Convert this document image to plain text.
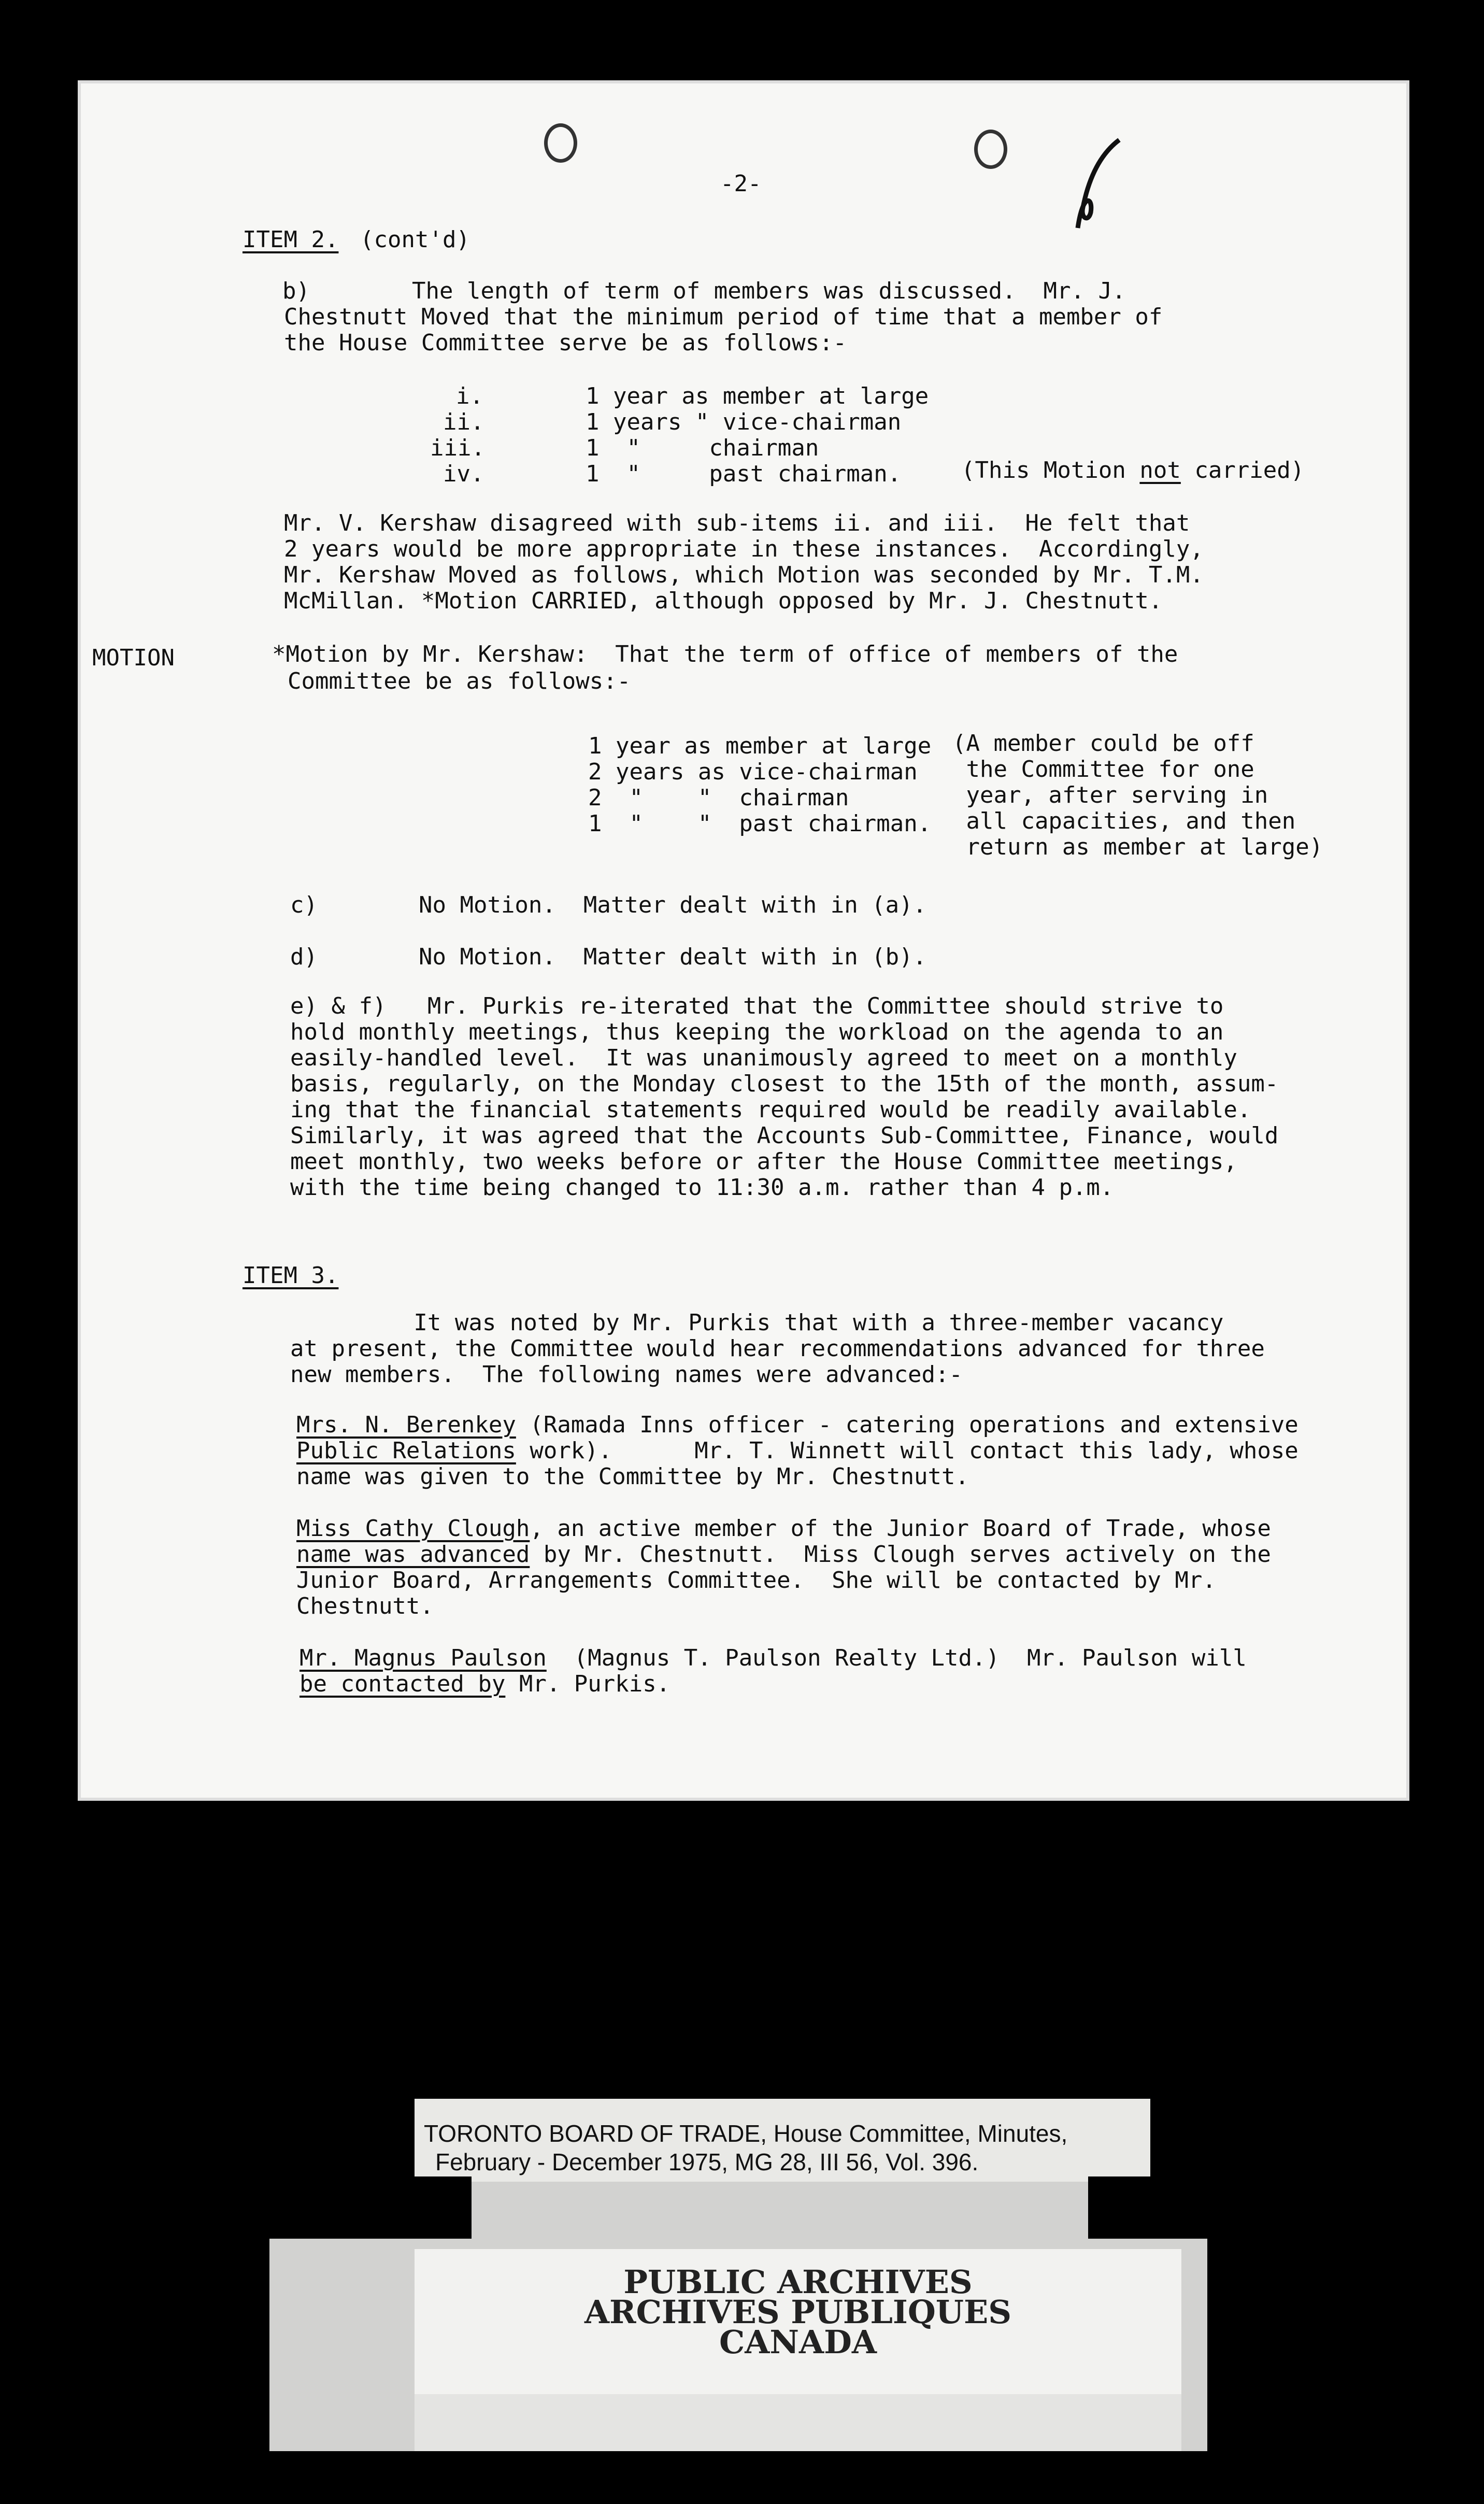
-2-
ITEM 2. (cont'd)
b)	The length of term of members was discussed.  Mr. J.
Chestnutt Moved that the minimum period of time that a member of
the House Committee serve be as follows:-
i.	1 year as member at large
ii.	1 years " vice-chairman
iii.	1  "     chairman
iv.	1  "     past chairman.	(This Motion not carried)
Mr. V. Kershaw disagreed with sub-items ii. and iii.  He felt that
2 years would be more appropriate in these instances.  Accordingly,
Mr. Kershaw Moved as follows, which Motion was seconded by Mr. T.M.
McMillan. *Motion CARRIED, although opposed by Mr. J. Chestnutt.
MOTION	*Motion by Mr. Kershaw:  That the term of office of members of the
Committee be as follows:-
1 year as member at large
2 years as vice-chairman
2  "    "  chairman
1  "    "  past chairman.
(A member could be off
the Committee for one
year, after serving in
all capacities, and then
return as member at large)
c)	No Motion.  Matter dealt with in (a).
d)	No Motion.  Matter dealt with in (b).
e) & f)   Mr. Purkis re-iterated that the Committee should strive to
hold monthly meetings, thus keeping the workload on the agenda to an
easily-handled level.  It was unanimously agreed to meet on a monthly
basis, regularly, on the Monday closest to the 15th of the month, assum-
ing that the financial statements required would be readily available.
Similarly, it was agreed that the Accounts Sub-Committee, Finance, would
meet monthly, two weeks before or after the House Committee meetings,
with the time being changed to 11:30 a.m. rather than 4 p.m.
ITEM 3.
It was noted by Mr. Purkis that with a three-member vacancy
at present, the Committee would hear recommendations advanced for three
new members.  The following names were advanced:-
Mrs. N. Berenkey (Ramada Inns officer - catering operations and extensive
Public Relations work).      Mr. T. Winnett will contact this lady, whose
name was given to the Committee by Mr. Chestnutt.
Miss Cathy Clough, an active member of the Junior Board of Trade, whose
name was advanced by Mr. Chestnutt.  Miss Clough serves actively on the
Junior Board, Arrangements Committee.  She will be contacted by Mr.
Chestnutt.
Mr. Magnus Paulson  (Magnus T. Paulson Realty Ltd.)  Mr. Paulson will
be contacted by Mr. Purkis.
TORONTO BOARD OF TRADE, House Committee, Minutes,
February - December 1975, MG 28, III 56, Vol. 396.
PUBLIC ARCHIVES
ARCHIVES PUBLIQUES
CANADA
